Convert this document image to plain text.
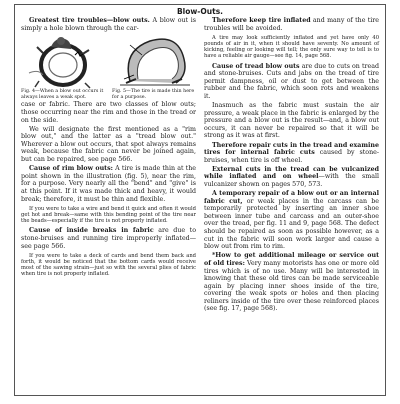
Blow-Outs.

Greatest tire troubles—blow outs. A blow out is simply a hole blown through the car-

Fig. 4—When a blow out occurs it always leaves a weak spot.
Fig. 5—The tire is made thin here for a purpose.

case or fabric. There are two classes of blow outs; those occurring near the rim and those in the tread or on the side.

We will designate the first mentioned as a "rim blow out," and the latter as a "tread blow out." Wherever a blow out occurs, that spot always remains weak, because the fabric can never be joined again, but can be repaired, see page 566.

Cause of rim blow outs: A tire is made thin at the point shown in the illustration (fig. 5), near the rim, for a purpose. Very nearly all the "bend" and "give" is at this point. If it was made thick and heavy, it would break; therefore, it must be thin and flexible.

If you were to take a wire and bend it quick and often it would get hot and break—same with this bending point of the tire near the beads—especially if the tire is not properly inflated.

Cause of inside breaks in fabric are due to stone-bruises and running tire improperly inflated—see page 566.

If you were to take a deck of cards and bend them back and forth, it would be noticed that the bottom cards would receive most of the sawing strain—just so with the several plies of fabric when tire is not properly inflated.

Therefore keep tire inflated and many of the tire troubles will be avoided.

A tire may look sufficiently inflated and yet have only 40 pounds of air in it, when it should have seventy. No amount of kicking, feeling or looking will tell; the only sure way to tell is to have a reliable air gauge—see fig. 14, page 568.

Cause of tread blow outs are due to cuts on tread and stone-bruises. Cuts and jabs on the tread of tire permit dampness, oil or dust to get between the rubber and the fabric, which soon rots and weakens it.

Inasmuch as the fabric must sustain the air pressure, a weak place in the fabric is enlarged by the pressure and a blow out is the result—and, a blow out occurs, it can never be repaired so that it will be strong as it was at first.

Therefore repair cuts in the tread and examine tires for internal fabric cuts caused by stone-bruises, when tire is off wheel.

External cuts in the tread can be vulcanized while inflated and on wheel—with the small vulcanizer shown on pages 570, 573.

A temporary repair of a blow out or an internal fabric cut, or weak places in the carcass can be temporarily protected by inserting an inner shoe between inner tube and carcass and an outer-shoe over the tread, per fig. 11 and 9, page 568. The defect should be repaired as soon as possible however, as a cut in the fabric will soon work larger and cause a blow out from rim to rim.

*How to get additional mileage or service out of old tires: Very many motorists has one or more old tires which is of no use. Many will be interested in knowing that these old tires can be made serviceable again by placing inner shoes inside of the tire, covering the weak spots or holes and then placing reliners inside of the tire over these reinforced places (see fig. 17, page 568).
